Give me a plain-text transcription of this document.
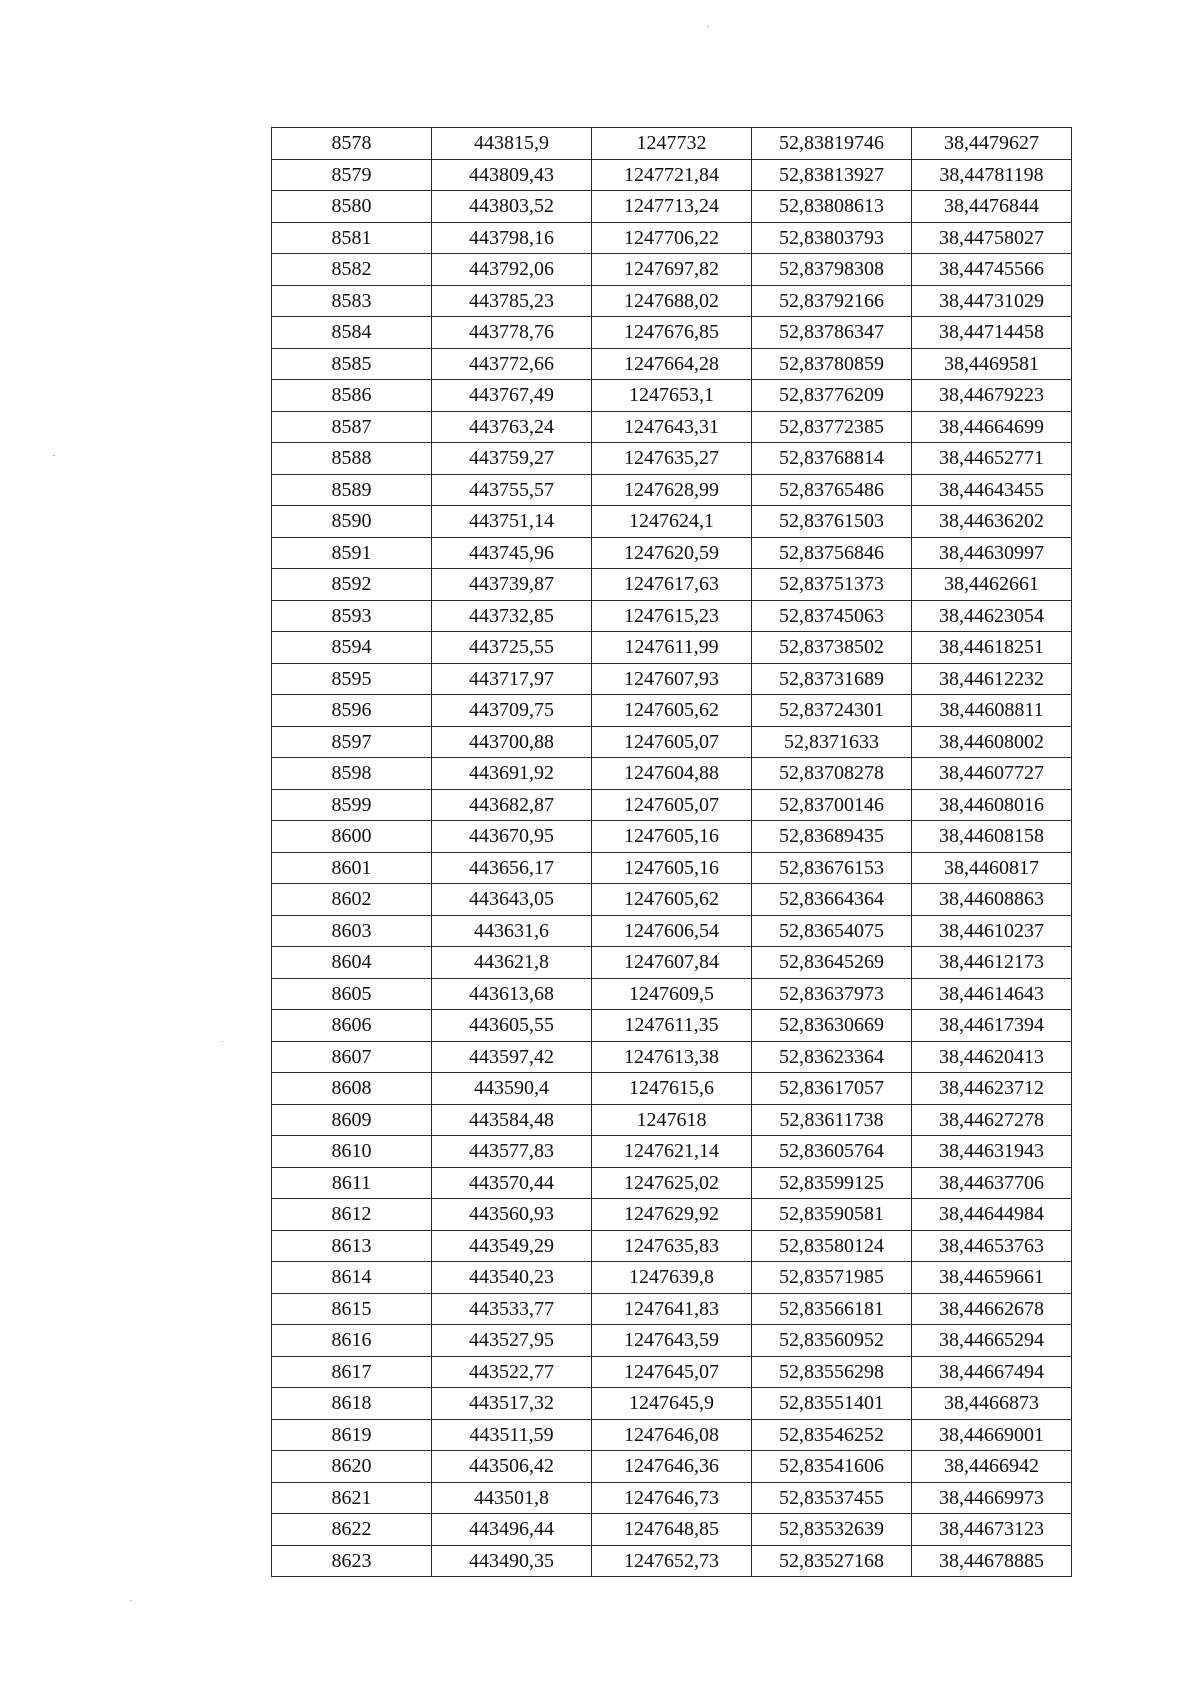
8578	443815,9	1247732	52,83819746	38,4479627
8579	443809,43	1247721,84	52,83813927	38,44781198
8580	443803,52	1247713,24	52,83808613	38,4476844
8581	443798,16	1247706,22	52,83803793	38,44758027
8582	443792,06	1247697,82	52,83798308	38,44745566
8583	443785,23	1247688,02	52,83792166	38,44731029
8584	443778,76	1247676,85	52,83786347	38,44714458
8585	443772,66	1247664,28	52,83780859	38,4469581
8586	443767,49	1247653,1	52,83776209	38,44679223
8587	443763,24	1247643,31	52,83772385	38,44664699
8588	443759,27	1247635,27	52,83768814	38,44652771
8589	443755,57	1247628,99	52,83765486	38,44643455
8590	443751,14	1247624,1	52,83761503	38,44636202
8591	443745,96	1247620,59	52,83756846	38,44630997
8592	443739,87	1247617,63	52,83751373	38,4462661
8593	443732,85	1247615,23	52,83745063	38,44623054
8594	443725,55	1247611,99	52,83738502	38,44618251
8595	443717,97	1247607,93	52,83731689	38,44612232
8596	443709,75	1247605,62	52,83724301	38,44608811
8597	443700,88	1247605,07	52,8371633	38,44608002
8598	443691,92	1247604,88	52,83708278	38,44607727
8599	443682,87	1247605,07	52,83700146	38,44608016
8600	443670,95	1247605,16	52,83689435	38,44608158
8601	443656,17	1247605,16	52,83676153	38,4460817
8602	443643,05	1247605,62	52,83664364	38,44608863
8603	443631,6	1247606,54	52,83654075	38,44610237
8604	443621,8	1247607,84	52,83645269	38,44612173
8605	443613,68	1247609,5	52,83637973	38,44614643
8606	443605,55	1247611,35	52,83630669	38,44617394
8607	443597,42	1247613,38	52,83623364	38,44620413
8608	443590,4	1247615,6	52,83617057	38,44623712
8609	443584,48	1247618	52,83611738	38,44627278
8610	443577,83	1247621,14	52,83605764	38,44631943
8611	443570,44	1247625,02	52,83599125	38,44637706
8612	443560,93	1247629,92	52,83590581	38,44644984
8613	443549,29	1247635,83	52,83580124	38,44653763
8614	443540,23	1247639,8	52,83571985	38,44659661
8615	443533,77	1247641,83	52,83566181	38,44662678
8616	443527,95	1247643,59	52,83560952	38,44665294
8617	443522,77	1247645,07	52,83556298	38,44667494
8618	443517,32	1247645,9	52,83551401	38,4466873
8619	443511,59	1247646,08	52,83546252	38,44669001
8620	443506,42	1247646,36	52,83541606	38,4466942
8621	443501,8	1247646,73	52,83537455	38,44669973
8622	443496,44	1247648,85	52,83532639	38,44673123
8623	443490,35	1247652,73	52,83527168	38,44678885
